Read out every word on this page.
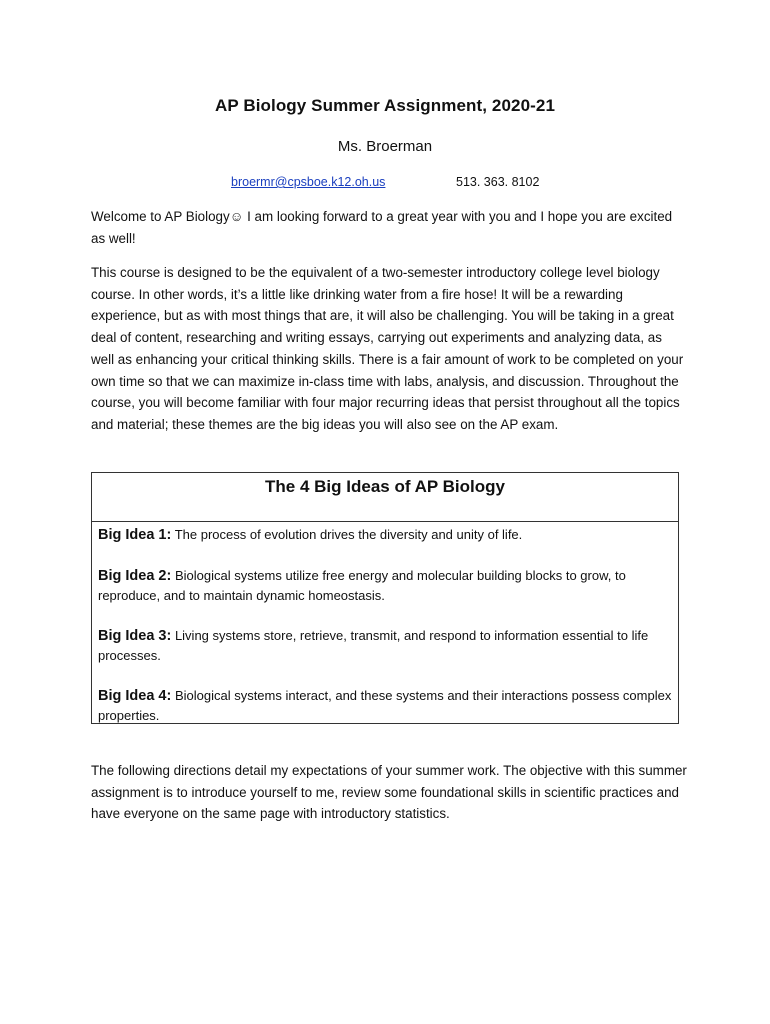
AP Biology Summer Assignment, 2020-21
Ms. Broerman
broermr@cpsboe.k12.oh.us	513. 363. 8102

Welcome to AP Biology☺ I am looking forward to a great year with you and I hope you are excited as well!

This course is designed to be the equivalent of a two-semester introductory college level biology course. In other words, it’s a little like drinking water from a fire hose! It will be a rewarding experience, but as with most things that are, it will also be challenging. You will be taking in a great deal of content, researching and writing essays, carrying out experiments and analyzing data, as well as enhancing your critical thinking skills. There is a fair amount of work to be completed on your own time so that we can maximize in-class time with labs, analysis, and discussion. Throughout the course, you will become familiar with four major recurring ideas that persist throughout all the topics and material; these themes are the big ideas you will also see on the AP exam.

The 4 Big Ideas of AP Biology
Big Idea 1: The process of evolution drives the diversity and unity of life.
Big Idea 2: Biological systems utilize free energy and molecular building blocks to grow, to reproduce, and to maintain dynamic homeostasis.
Big Idea 3: Living systems store, retrieve, transmit, and respond to information essential to life processes.
Big Idea 4: Biological systems interact, and these systems and their interactions possess complex properties.

The following directions detail my expectations of your summer work. The objective with this summer assignment is to introduce yourself to me, review some foundational skills in scientific practices and have everyone on the same page with introductory statistics.
